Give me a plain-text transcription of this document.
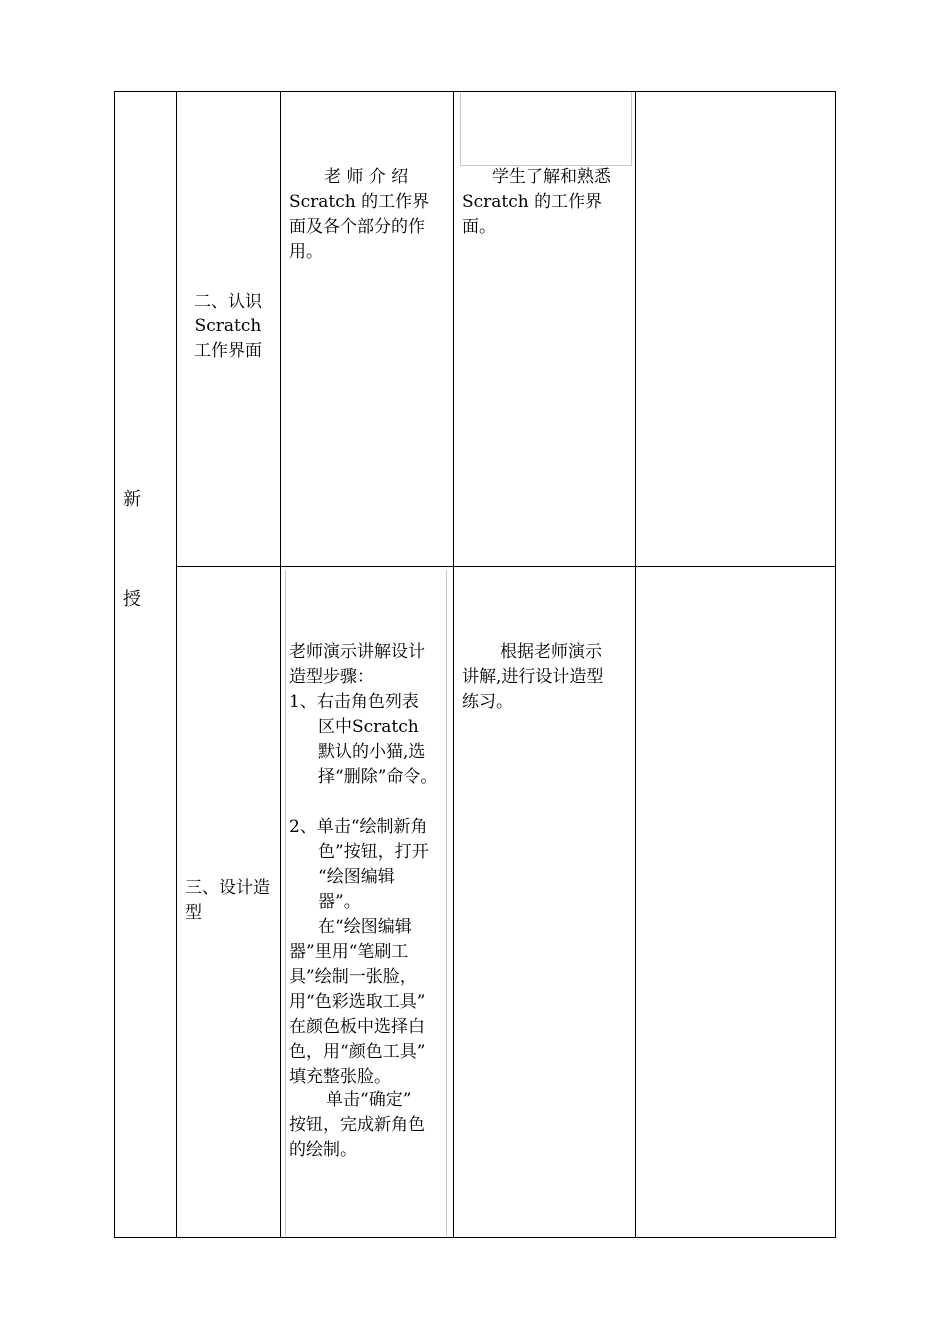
新
授
二、认识
Scratch
工作界面
老 师 介 绍
Scratch 的工作界
面及各个部分的作
用。
学生了解和熟悉
Scratch 的工作界
面。
三、设计造
型
老师演示讲解设计
造型步骤：
1、右击角色列表
区中Scratch
默认的小猫,选
择“删除”命令。
2、单击“绘制新角
色”按钮，打开
“绘图编辑
器”。
在“绘图编辑
器”里用“笔刷工
具”绘制一张脸，
用“色彩选取工具”
在颜色板中选择白
色，用“颜色工具”
填充整张脸。
单击“确定”
按钮，完成新角色
的绘制。
根据老师演示
讲解,进行设计造型
练习。
